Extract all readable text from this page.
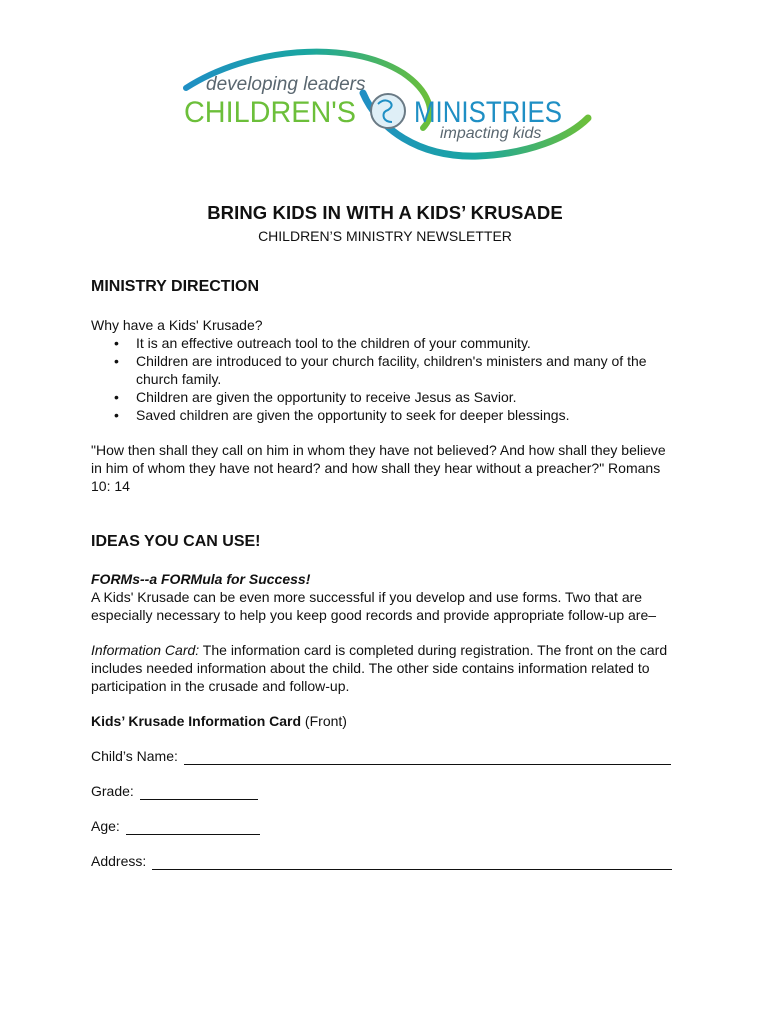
developing leaders
CHILDREN'S MINISTRIES
impacting kids
BRING KIDS IN WITH A KIDS’ KRUSADE
CHILDREN’S MINISTRY NEWSLETTER
MINISTRY DIRECTION
Why have a Kids' Krusade?
• It is an effective outreach tool to the children of your community.
• Children are introduced to your church facility, children's ministers and many of the church family.
• Children are given the opportunity to receive Jesus as Savior.
• Saved children are given the opportunity to seek for deeper blessings.
"How then shall they call on him in whom they have not believed? And how shall they believe in him of whom they have not heard? and how shall they hear without a preacher?" Romans 10: 14
IDEAS YOU CAN USE!
FORMs--a FORMula for Success!
A Kids' Krusade can be even more successful if you develop and use forms. Two that are especially necessary to help you keep good records and provide appropriate follow-up are–
Information Card: The information card is completed during registration. The front on the card includes needed information about the child. The other side contains information related to participation in the crusade and follow-up.
Kids’ Krusade Information Card (Front)
Child’s Name:
Grade:
Age:
Address:
